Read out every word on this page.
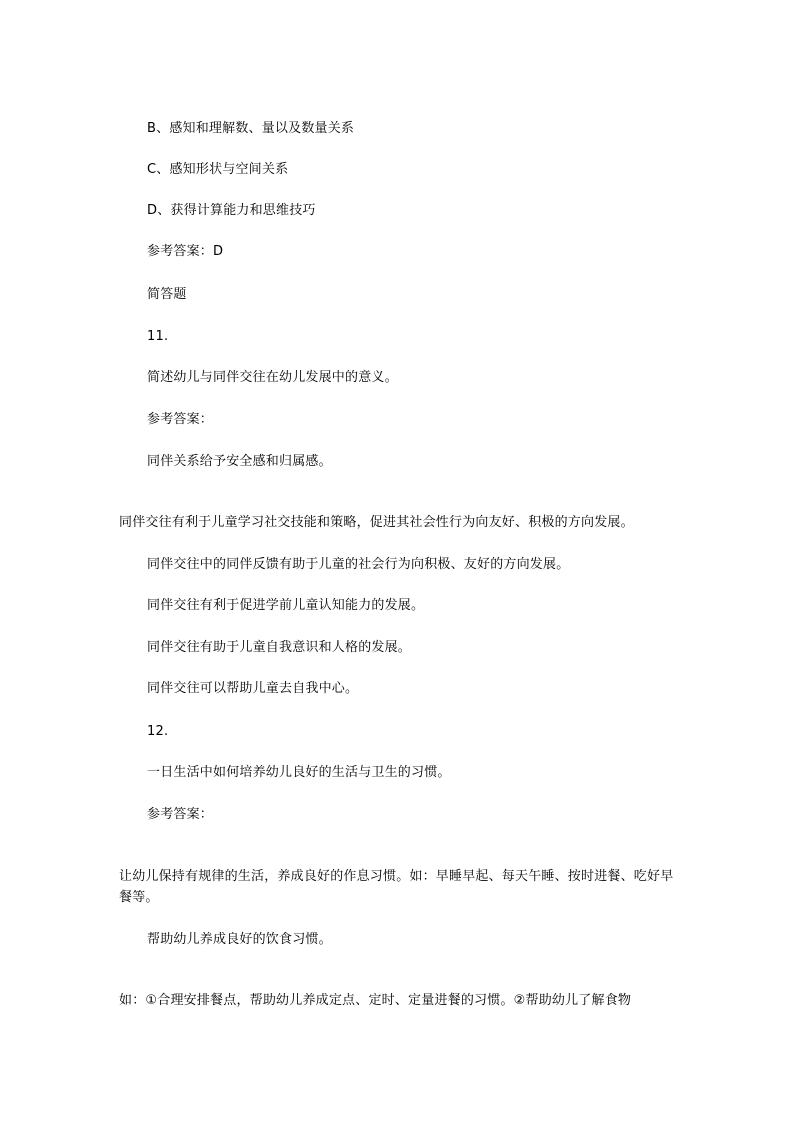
B、感知和理解数、量以及数量关系
C、感知形状与空间关系
D、获得计算能力和思维技巧
参考答案：D
简答题
11.
简述幼儿与同伴交往在幼儿发展中的意义。
参考答案：
同伴关系给予安全感和归属感。
同伴交往有利于儿童学习社交技能和策略，促进其社会性行为向友好、积极的方向发展。
同伴交往中的同伴反馈有助于儿童的社会行为向积极、友好的方向发展。
同伴交往有利于促进学前儿童认知能力的发展。
同伴交往有助于儿童自我意识和人格的发展。
同伴交往可以帮助儿童去自我中心。
12.
一日生活中如何培养幼儿良好的生活与卫生的习惯。
参考答案：
让幼儿保持有规律的生活，养成良好的作息习惯。如：早睡早起、每天午睡、按时进餐、吃好早餐等。
帮助幼儿养成良好的饮食习惯。
如：①合理安排餐点，帮助幼儿养成定点、定时、定量进餐的习惯。②帮助幼儿了解食物
